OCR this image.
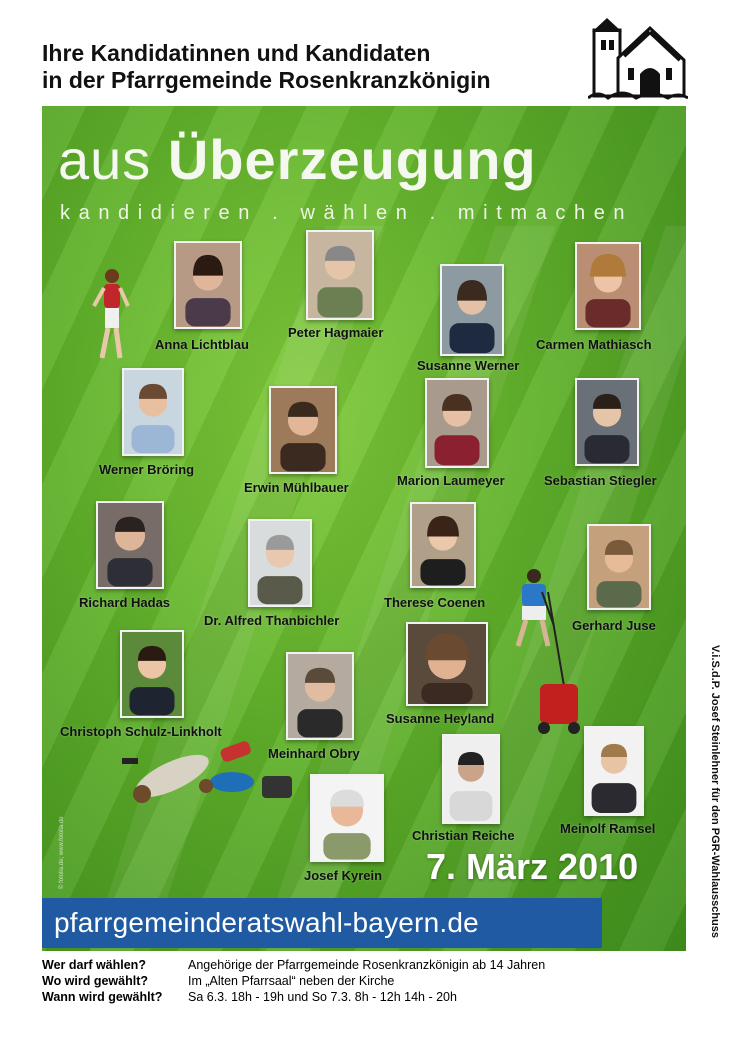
Ihre Kandidatinnen und Kandidaten
in der Pfarrgemeinde Rosenkranzkönigin
aus Überzeugung
kandidieren . wählen . mitmachen
Anna Lichtblau
Peter Hagmaier
Susanne Werner
Carmen Mathiasch
Werner Bröring
Erwin Mühlbauer	Marion Laumeyer	Sebastian Stiegler
Richard Hadas
Dr. Alfred Thanbichler
Therese Coenen
Gerhard Juse
Christoph Schulz-Linkholt
Meinhard Obry
Susanne Heyland
Christian Reiche	Meinolf Ramsel
Josef Kyrein
© fotolia.de; www.fotolia.de	7. März 2010
pfarrgemeinderatswahl-bayern.de	V.i.S.d.P. Josef Steinlehner für den PGR-Wahlausschuss
Wer darf wählen?	Angehörige der Pfarrgemeinde Rosenkranzkönigin ab 14 Jahren
Wo wird gewählt?	Im „Alten Pfarrsaal“ neben der Kirche
Wann wird gewählt?	Sa 6.3. 18h - 19h und So 7.3. 8h - 12h 14h - 20h
